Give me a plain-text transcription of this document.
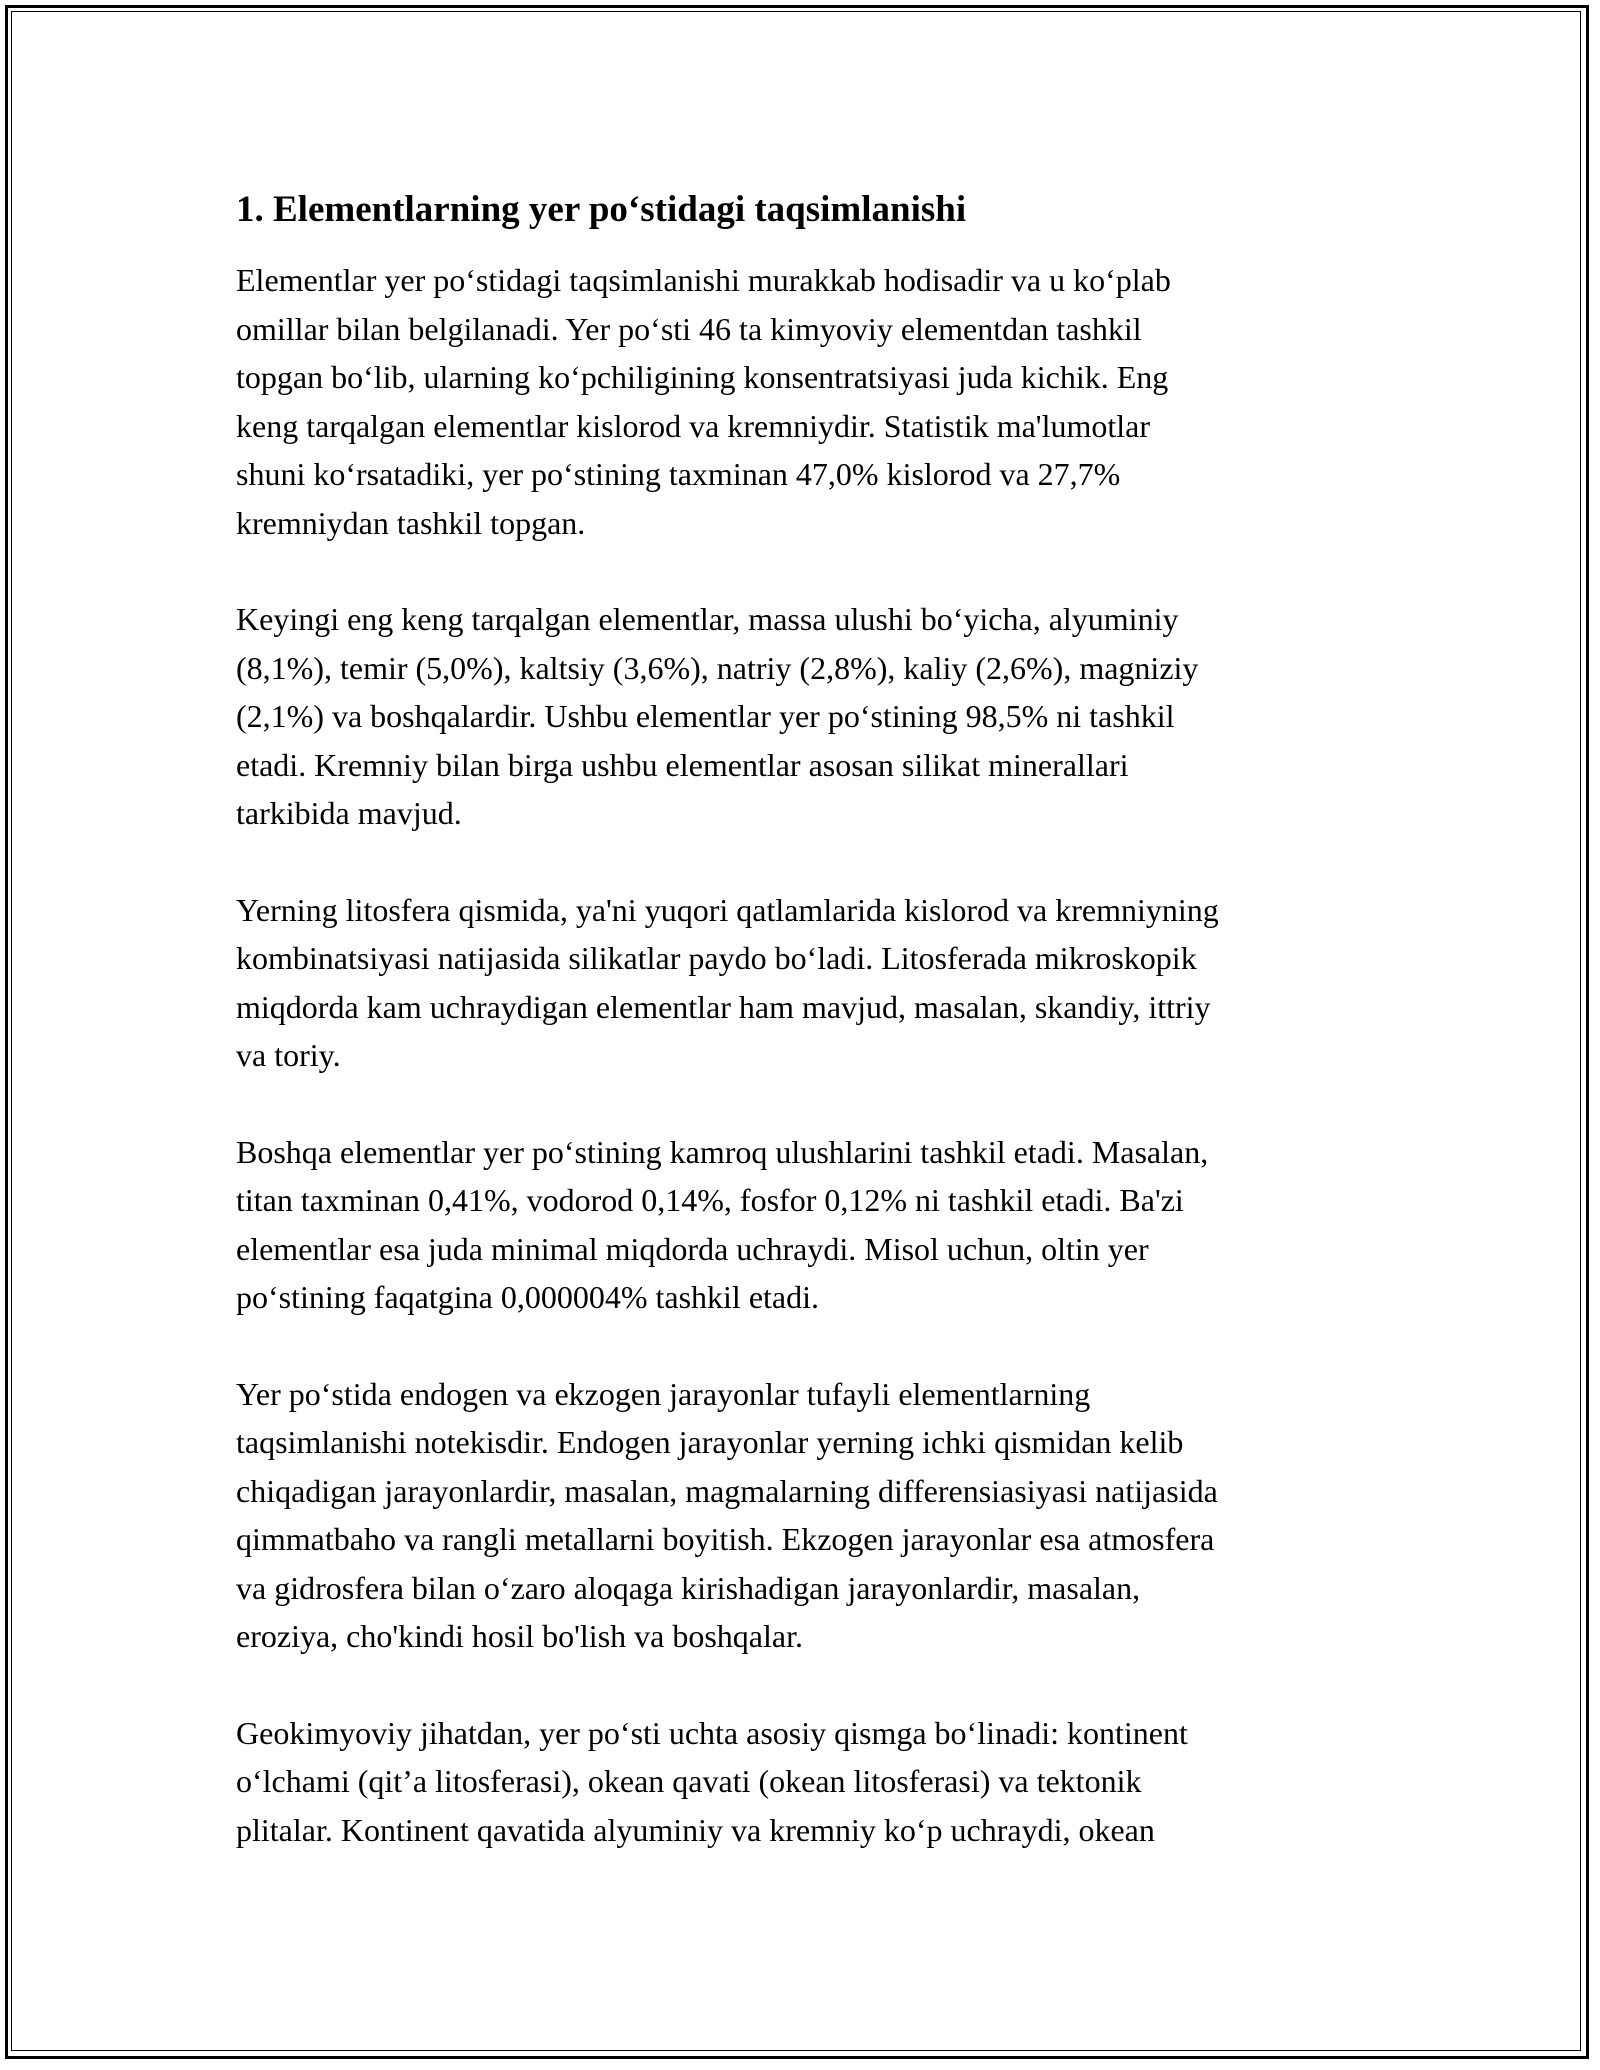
1. Elementlarning yer po‘stidagi taqsimlanishi
Elementlar yer po‘stidagi taqsimlanishi murakkab hodisadir va u ko‘plab
omillar bilan belgilanadi. Yer po‘sti 46 ta kimyoviy elementdan tashkil
topgan bo‘lib, ularning ko‘pchiligining konsentratsiyasi juda kichik. Eng
keng tarqalgan elementlar kislorod va kremniydir. Statistik ma'lumotlar
shuni ko‘rsatadiki, yer po‘stining taxminan 47,0% kislorod va 27,7%
kremniydan tashkil topgan.
Keyingi eng keng tarqalgan elementlar, massa ulushi bo‘yicha, alyuminiy
(8,1%), temir (5,0%), kaltsiy (3,6%), natriy (2,8%), kaliy (2,6%), magniziy
(2,1%) va boshqalardir. Ushbu elementlar yer po‘stining 98,5% ni tashkil
etadi. Kremniy bilan birga ushbu elementlar asosan silikat minerallari
tarkibida mavjud.
Yerning litosfera qismida, ya'ni yuqori qatlamlarida kislorod va kremniyning
kombinatsiyasi natijasida silikatlar paydo bo‘ladi. Litosferada mikroskopik
miqdorda kam uchraydigan elementlar ham mavjud, masalan, skandiy, ittriy
va toriy.
Boshqa elementlar yer po‘stining kamroq ulushlarini tashkil etadi. Masalan,
titan taxminan 0,41%, vodorod 0,14%, fosfor 0,12% ni tashkil etadi. Ba'zi
elementlar esa juda minimal miqdorda uchraydi. Misol uchun, oltin yer
po‘stining faqatgina 0,000004% tashkil etadi.
Yer po‘stida endogen va ekzogen jarayonlar tufayli elementlarning
taqsimlanishi notekisdir. Endogen jarayonlar yerning ichki qismidan kelib
chiqadigan jarayonlardir, masalan, magmalarning differensiasiyasi natijasida
qimmatbaho va rangli metallarni boyitish. Ekzogen jarayonlar esa atmosfera
va gidrosfera bilan o‘zaro aloqaga kirishadigan jarayonlardir, masalan,
eroziya, cho'kindi hosil bo'lish va boshqalar.
Geokimyoviy jihatdan, yer po‘sti uchta asosiy qismga bo‘linadi: kontinent
o‘lchami (qit’a litosferasi), okean qavati (okean litosferasi) va tektonik
plitalar. Kontinent qavatida alyuminiy va kremniy ko‘p uchraydi, okean
